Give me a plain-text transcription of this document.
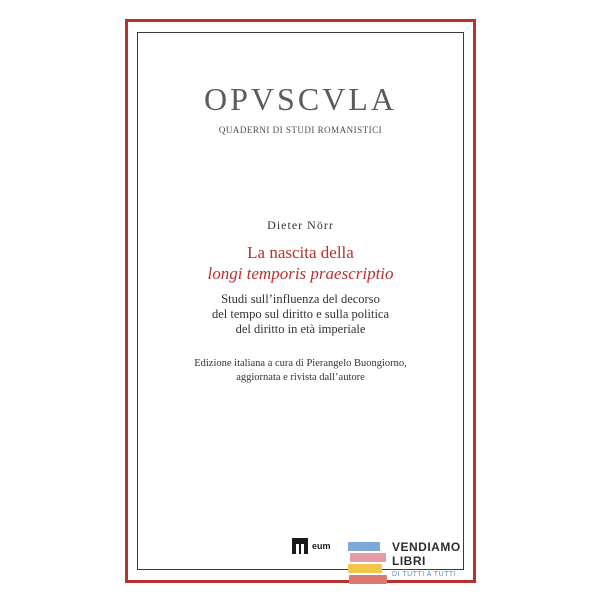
OPVSCVLA
QUADERNI DI STUDI ROMANISTICI
Dieter Nörr
La nascita della
longi temporis praescriptio
Studi sull’influenza del decorso
del tempo sul diritto e sulla politica
del diritto in età imperiale
Edizione italiana a cura di Pierangelo Buongiorno,
aggiornata e rivista dall’autore
eum	VENDIAMO
LIBRI
DI TUTTI A TUTTI
